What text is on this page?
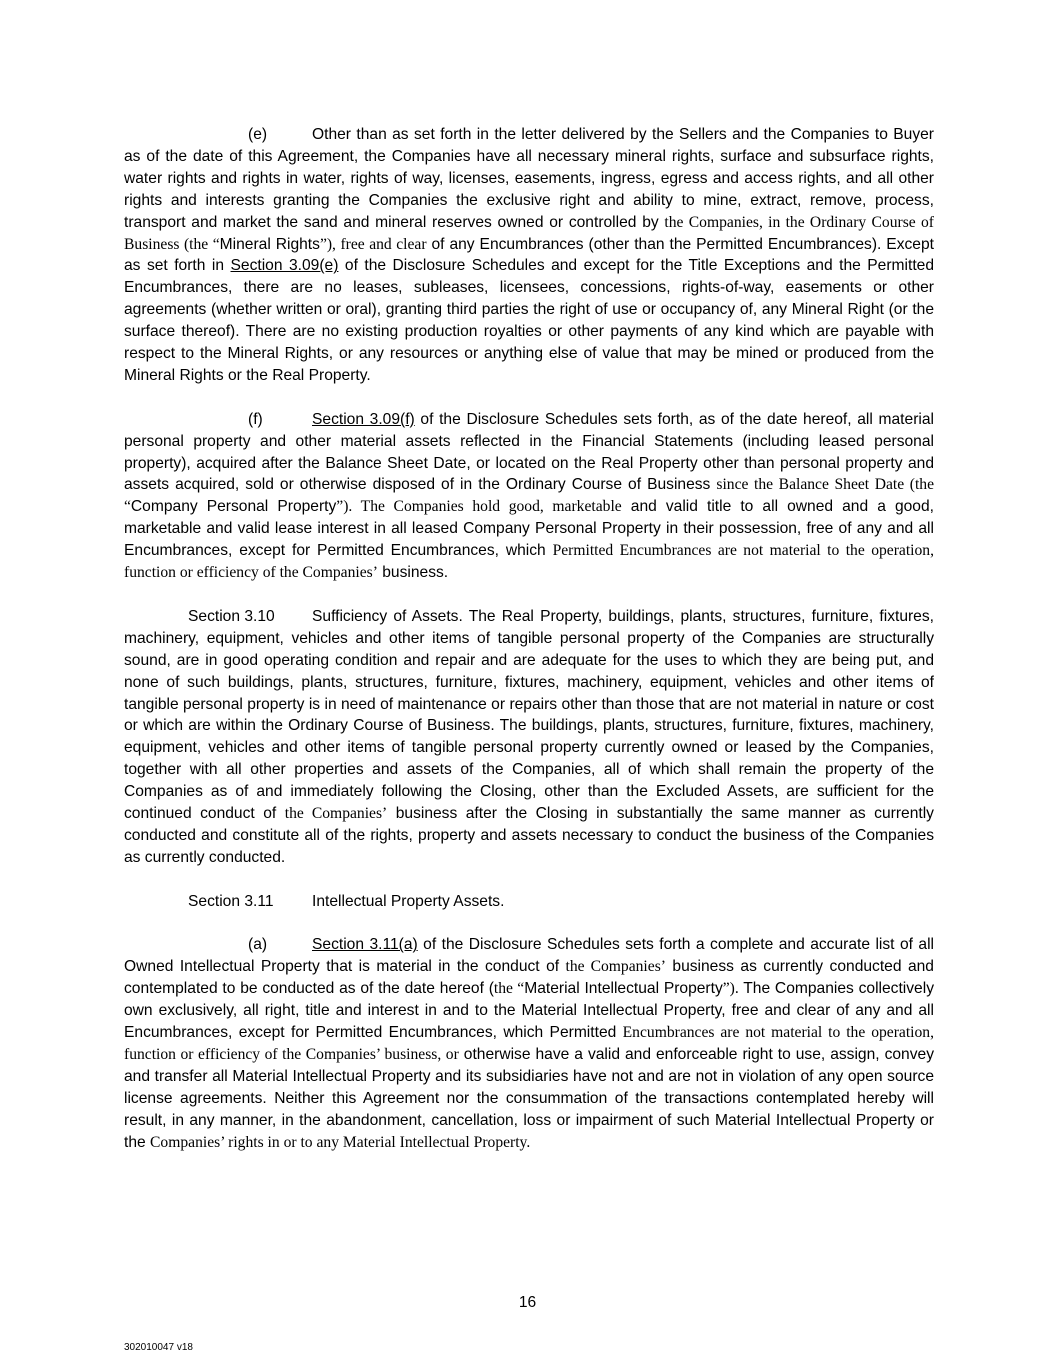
(e)	Other than as set forth in the letter delivered by the Sellers and the Companies to Buyer as of the date of this Agreement, the Companies have all necessary mineral rights, surface and subsurface rights, water rights and rights in water, rights of way, licenses, easements, ingress, egress and access rights, and all other rights and interests granting the Companies the exclusive right and ability to mine, extract, remove, process, transport and market the sand and mineral reserves owned or controlled by the Companies, in the Ordinary Course of Business (the “Mineral Rights”), free and clear of any Encumbrances (other than the Permitted Encumbrances). Except as set forth in Section 3.09(e) of the Disclosure Schedules and except for the Title Exceptions and the Permitted Encumbrances, there are no leases, subleases, licensees, concessions, rights-of-way, easements or other agreements (whether written or oral), granting third parties the right of use or occupancy of, any Mineral Right (or the surface thereof). There are no existing production royalties or other payments of any kind which are payable with respect to the Mineral Rights, or any resources or anything else of value that may be mined or produced from the Mineral Rights or the Real Property.

(f)	Section 3.09(f) of the Disclosure Schedules sets forth, as of the date hereof, all material personal property and other material assets reflected in the Financial Statements (including leased personal property), acquired after the Balance Sheet Date, or located on the Real Property other than personal property and assets acquired, sold or otherwise disposed of in the Ordinary Course of Business since the Balance Sheet Date (the “Company Personal Property”). The Companies hold good, marketable and valid title to all owned and a good, marketable and valid lease interest in all leased Company Personal Property in their possession, free of any and all Encumbrances, except for Permitted Encumbrances, which Permitted Encumbrances are not material to the operation, function or efficiency of the Companies’ business.

Section 3.10 Sufficiency of Assets. The Real Property, buildings, plants, structures, furniture, fixtures, machinery, equipment, vehicles and other items of tangible personal property of the Companies are structurally sound, are in good operating condition and repair and are adequate for the uses to which they are being put, and none of such buildings, plants, structures, furniture, fixtures, machinery, equipment, vehicles and other items of tangible personal property is in need of maintenance or repairs other than those that are not material in nature or cost or which are within the Ordinary Course of Business. The buildings, plants, structures, furniture, fixtures, machinery, equipment, vehicles and other items of tangible personal property currently owned or leased by the Companies, together with all other properties and assets of the Companies, all of which shall remain the property of the Companies as of and immediately following the Closing, other than the Excluded Assets, are sufficient for the continued conduct of the Companies’ business after the Closing in substantially the same manner as currently conducted and constitute all of the rights, property and assets necessary to conduct the business of the Companies as currently conducted.

Section 3.11 Intellectual Property Assets.

(a)	Section 3.11(a) of the Disclosure Schedules sets forth a complete and accurate list of all Owned Intellectual Property that is material in the conduct of the Companies’ business as currently conducted and contemplated to be conducted as of the date hereof (the “Material Intellectual Property”). The Companies collectively own exclusively, all right, title and interest in and to the Material Intellectual Property, free and clear of any and all Encumbrances, except for Permitted Encumbrances, which Permitted Encumbrances are not material to the operation, function or efficiency of the Companies’ business, or otherwise have a valid and enforceable right to use, assign, convey and transfer all Material Intellectual Property and its subsidiaries have not and are not in violation of any open source license agreements. Neither this Agreement nor the consummation of the transactions contemplated hereby will result, in any manner, in the abandonment, cancellation, loss or impairment of such Material Intellectual Property or the Companies’ rights in or to any Material Intellectual Property.

16
302010047 v18
